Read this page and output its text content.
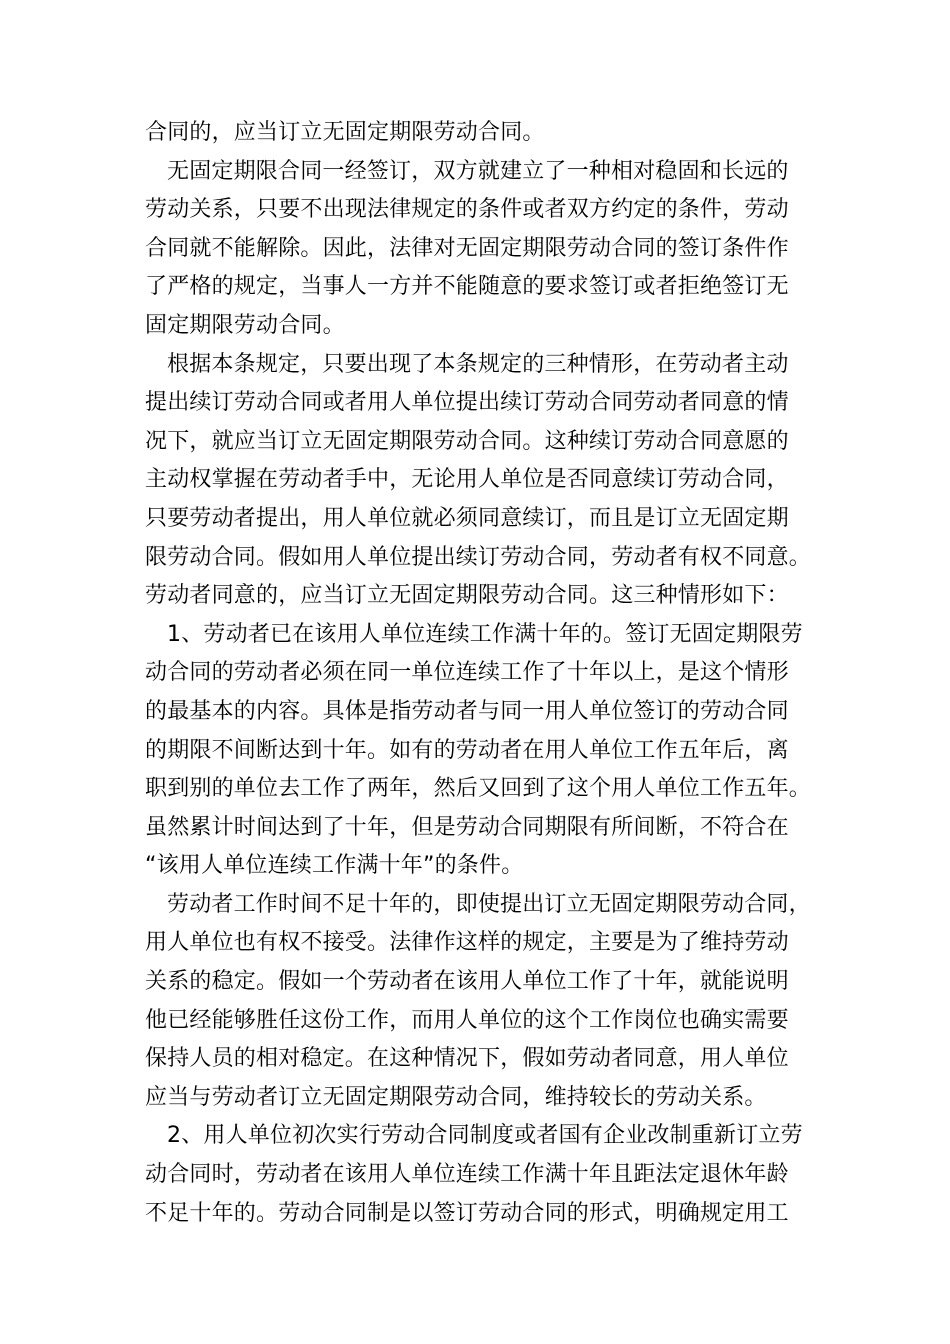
合同的，应当订立无固定期限劳动合同。
无固定期限合同一经签订，双方就建立了一种相对稳固和长远的
劳动关系，只要不出现法律规定的条件或者双方约定的条件，劳动
合同就不能解除。因此，法律对无固定期限劳动合同的签订条件作
了严格的规定，当事人一方并不能随意的要求签订或者拒绝签订无
固定期限劳动合同。
根据本条规定，只要出现了本条规定的三种情形，在劳动者主动
提出续订劳动合同或者用人单位提出续订劳动合同劳动者同意的情
况下，就应当订立无固定期限劳动合同。这种续订劳动合同意愿的
主动权掌握在劳动者手中，无论用人单位是否同意续订劳动合同，
只要劳动者提出，用人单位就必须同意续订，而且是订立无固定期
限劳动合同。假如用人单位提出续订劳动合同，劳动者有权不同意。
劳动者同意的，应当订立无固定期限劳动合同。这三种情形如下：
1、劳动者已在该用人单位连续工作满十年的。签订无固定期限劳
动合同的劳动者必须在同一单位连续工作了十年以上，是这个情形
的最基本的内容。具体是指劳动者与同一用人单位签订的劳动合同
的期限不间断达到十年。如有的劳动者在用人单位工作五年后，离
职到别的单位去工作了两年，然后又回到了这个用人单位工作五年。
虽然累计时间达到了十年，但是劳动合同期限有所间断，不符合在
“该用人单位连续工作满十年”的条件。
劳动者工作时间不足十年的，即使提出订立无固定期限劳动合同，
用人单位也有权不接受。法律作这样的规定，主要是为了维持劳动
关系的稳定。假如一个劳动者在该用人单位工作了十年，就能说明
他已经能够胜任这份工作，而用人单位的这个工作岗位也确实需要
保持人员的相对稳定。在这种情况下，假如劳动者同意，用人单位
应当与劳动者订立无固定期限劳动合同，维持较长的劳动关系。
2、用人单位初次实行劳动合同制度或者国有企业改制重新订立劳
动合同时，劳动者在该用人单位连续工作满十年且距法定退休年龄
不足十年的。劳动合同制是以签订劳动合同的形式，明确规定用工
